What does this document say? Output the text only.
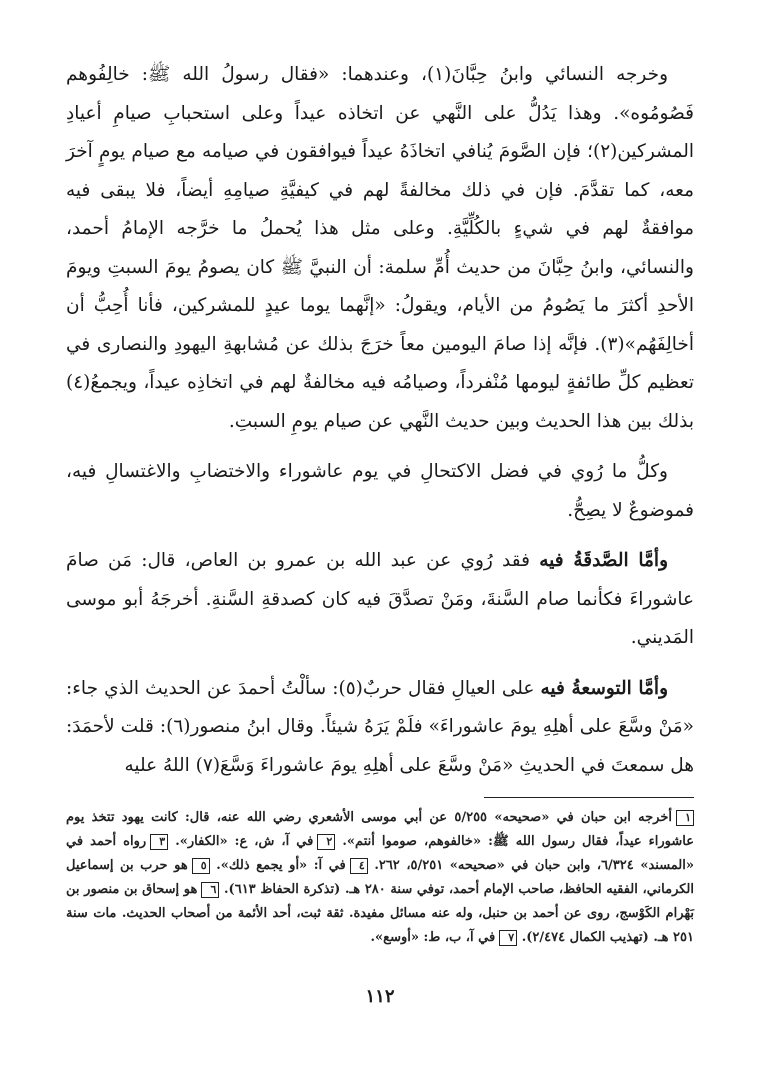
وخرجه النسائي وابنُ حِبَّانَ(١)، وعندهما: «فقال رسولُ الله ﷺ: خالِفُوهم فَصُومُوه». وهذا يَدُلُّ على النَّهي عن اتخاذه عيداً وعلى استحبابِ صيامِ أعيادِ المشركين(٢)؛ فإن الصَّومَ يُنافي اتخاذَهُ عيداً فيوافقون في صيامه مع صيام يومٍ آخرَ معه، كما تقدَّمَ. فإن في ذلك مخالفةً لهم في كيفيَّةِ صيامِهِ أيضاً، فلا يبقى فيه موافقةٌ لهم في شيءٍ بالكُلِّيَّةِ. وعلى مثل هذا يُحملُ ما خرَّجه الإمامُ أحمد، والنسائي، وابنُ حِبَّانَ من حديث أُمِّ سلمة: أن النبيَّ ﷺ كان يصومُ يومَ السبتِ ويومَ الأحدِ أكثرَ ما يَصُومُ من الأيام، ويقولُ: «إنَّهما يوما عيدٍ للمشركين، فأنا أُحِبُّ أن أخالِفَهُم»(٣). فإنَّه إذا صامَ اليومين معاً خرَجَ بذلك عن مُشابهةِ اليهودِ والنصارى في تعظيم كلِّ طائفةٍ ليومها مُنْفرداً، وصيامُه فيه مخالفةٌ لهم في اتخاذِه عيداً، ويجمعُ(٤) بذلك بين هذا الحديث وبين حديث النَّهي عن صيام يومِ السبتِ.

وكلُّ ما رُوي في فضل الاكتحالِ في يوم عاشوراء والاختضابِ والاغتسالِ فيه، فموضوعٌ لا يصِحُّ.

وأمَّا الصَّدقَةُ فيه فقد رُوي عن عبد الله بن عمرو بن العاص، قال: مَن صامَ عاشوراءَ فكأنما صام السَّنةَ، ومَنْ تصدَّقَ فيه كان كصدقةِ السَّنةِ. أخرجَهُ أبو موسى المَديني.

وأمَّا التوسعةُ فيه على العيالِ فقال حربٌ(٥): سألْتُ أحمدَ عن الحديث الذي جاء: «مَنْ وسَّعَ على أهلِهِ يومَ عاشوراءَ» فلَمْ يَرَهُ شيئاً. وقال ابنُ منصور(٦): قلت لأحمَدَ: هل سمعتَ في الحديثِ «مَنْ وسَّعَ على أهلِهِ يومَ عاشوراءَ وَسَّعَ(٧) اللهُ عليه

١أخرجه ابن حبان في «صحيحه» ٥/٢٥٥ عن أبي موسى الأشعري رضي الله عنه، قال: كانت يهود تتخذ يوم عاشوراء عيداً، فقال رسول الله ﷺ: «خالفوهم، صوموا أنتم». ٢في آ، ش، ع: «الكفار». ٣رواه أحمد في «المسند» ٦/٣٢٤، وابن حبان في «صحيحه» ٥/٢٥١، ٢٦٢. ٤في آ: «أو يجمع ذلك». ٥هو حرب بن إسماعيل الكرماني، الفقيه الحافظ، صاحب الإمام أحمد، توفي سنة ٢٨٠ هـ. (تذكرة الحفاظ ٦١٣). ٦هو إسحاق بن منصور بن بَهْرام الكَوْسج، روى عن أحمد بن حنبل، وله عنه مسائل مفيدة. ثقة ثبت، أحد الأئمة من أصحاب الحديث. مات سنة ٢٥١ هـ. (تهذيب الكمال ٢/٤٧٤). ٧في آ، ب، ط: «أوسع».
١١٢
